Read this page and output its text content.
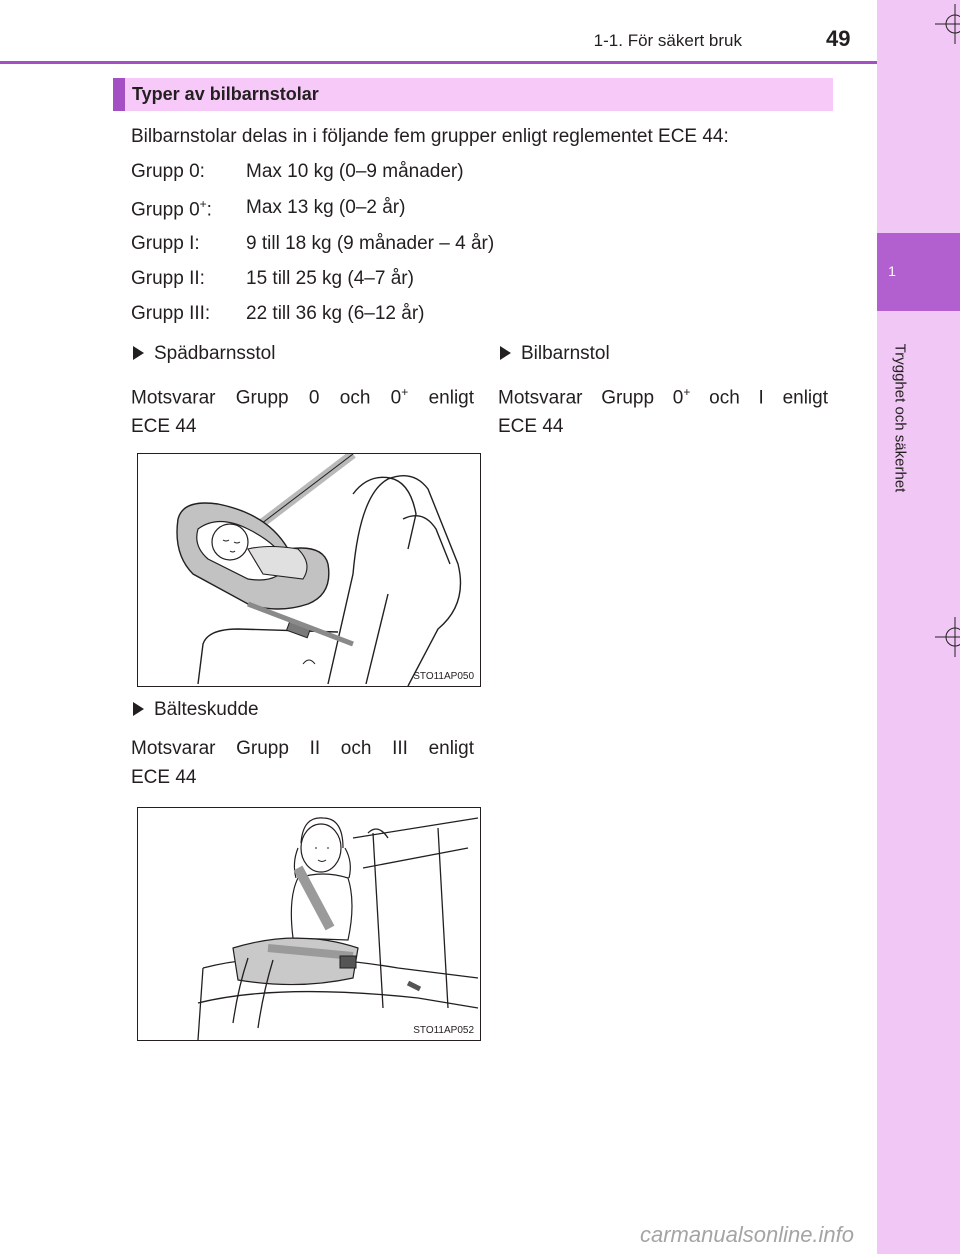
1
Trygghet och säkerhet
1-1. För säkert bruk	49
Typer av bilbarnstolar
Bilbarnstolar delas in i följande fem grupper enligt reglementet ECE 44:
Grupp 0: Max 10 kg (0–9 månader)
Grupp 0+: Max 13 kg (0–2 år)
Grupp I: 9 till 18 kg (9 månader – 4 år)
Grupp II: 15 till 25 kg (4–7 år)
Grupp III: 22 till 36 kg (6–12 år)
Spädbarnsstol
Motsvarar Grupp 0 och 0+ enligt
ECE 44
Bilbarnstol
Motsvarar Grupp 0+ och I enligt
ECE 44
STO11AP050
Bälteskudde
Motsvarar Grupp II och III enligt
ECE 44
STO11AP052
carmanualsonline.info
